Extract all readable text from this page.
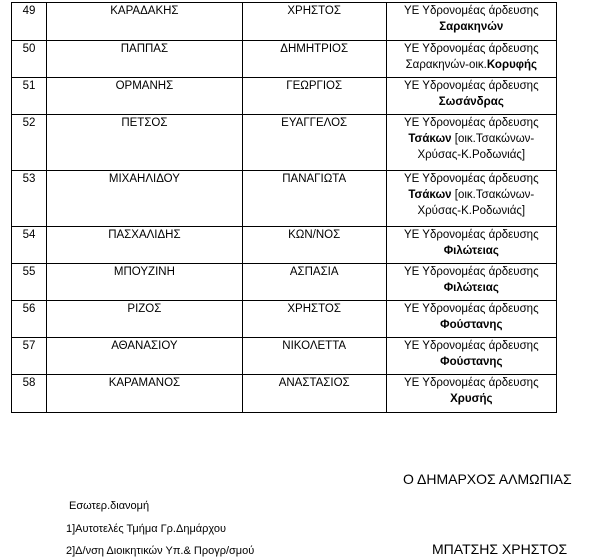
49	ΚΑΡΑΔΑΚΗΣ	ΧΡΗΣΤΟΣ	ΥΕ Υδρονομέας άρδευσης
Σαρακηνών

50	ΠΑΠΠΑΣ	ΔΗΜΗΤΡΙΟΣ	ΥΕ Υδρονομέας άρδευσης
Σαρακηνών-οικ.Κορυφής

51	ΟΡΜΑΝΗΣ	ΓΕΩΡΓΙΟΣ	ΥΕ Υδρονομέας άρδευσης
Σωσάνδρας

52	ΠΕΤΣΟΣ	ΕΥΑΓΓΕΛΟΣ	ΥΕ Υδρονομέας άρδευσης
Τσάκων [οικ.Τσακώνων-
Χρύσας-Κ.Ροδωνιάς]

53	ΜΙΧΑΗΛΙΔΟΥ	ΠΑΝΑΓΙΩΤΑ	ΥΕ Υδρονομέας άρδευσης
Τσάκων [οικ.Τσακώνων-
Χρύσας-Κ.Ροδωνιάς]

54	ΠΑΣΧΑΛΙΔΗΣ	ΚΩΝ/ΝΟΣ	ΥΕ Υδρονομέας άρδευσης
Φιλώτειας

55	ΜΠΟΥΖΙΝΗ	ΑΣΠΑΣΙΑ	ΥΕ Υδρονομέας άρδευσης
Φιλώτειας

56	ΡΙΖΟΣ	ΧΡΗΣΤΟΣ	ΥΕ Υδρονομέας άρδευσης
Φούστανης

57	ΑΘΑΝΑΣΙΟΥ	ΝΙΚΟΛΕΤΤΑ	ΥΕ Υδρονομέας άρδευσης
Φούστανης

58	ΚΑΡΑΜΑΝΟΣ	ΑΝΑΣΤΑΣΙΟΣ	ΥΕ Υδρονομέας άρδευσης
Χρυσής

Ο ΔΗΜΑΡΧΟΣ ΑΛΜΩΠΙΑΣ
Εσωτερ.διανομή
1]Αυτοτελές Τμήμα Γρ.Δημάρχου
2]Δ/νση Διοικητικών Υπ.& Προγρ/σμού	ΜΠΑΤΣΗΣ ΧΡΗΣΤΟΣ
